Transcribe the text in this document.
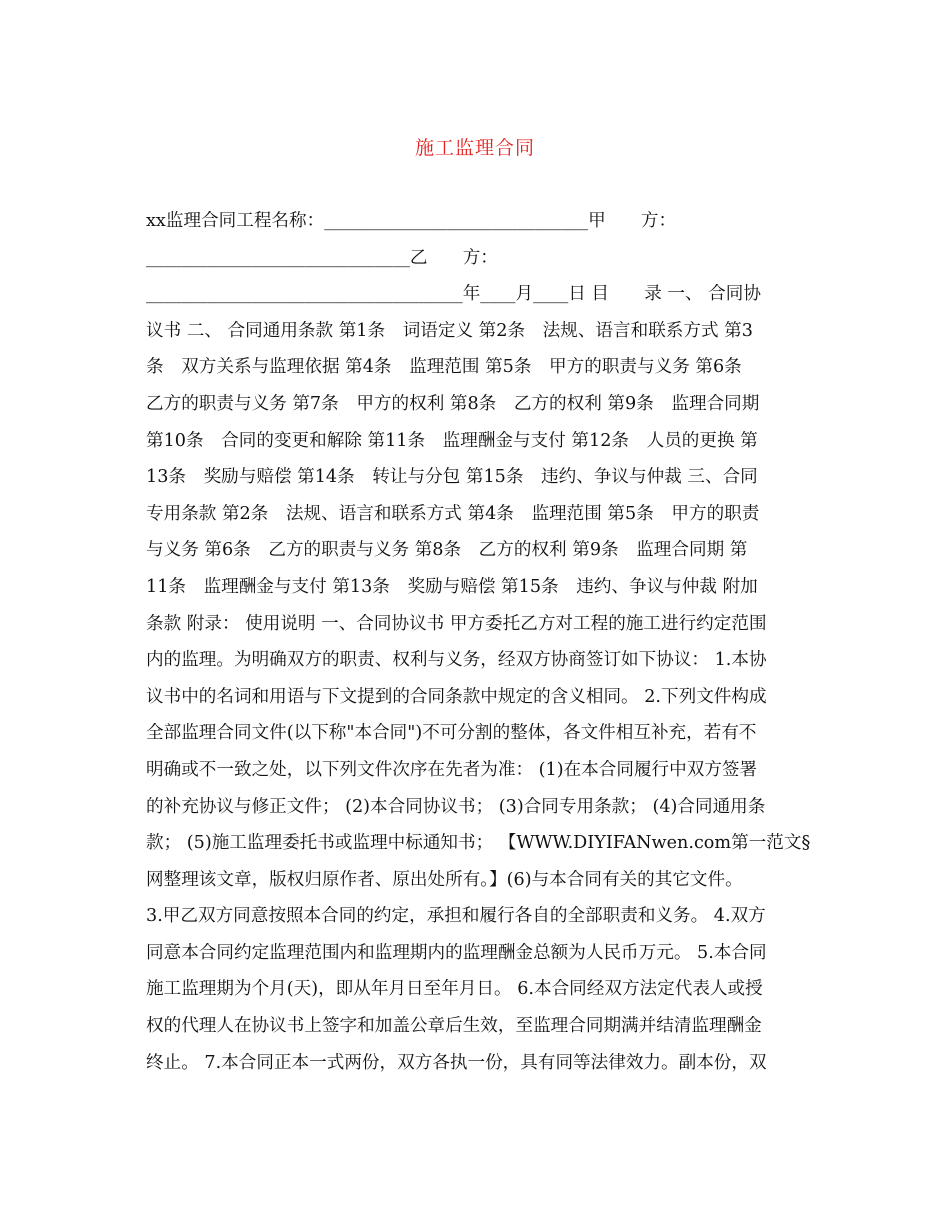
施工监理合同
xx监理合同工程名称：______________________________甲　　方：
______________________________乙　　方：
____________________________________年____月____日 目　　录 一、 合同协
议书 二、 合同通用条款 第1条　词语定义 第2条　法规、语言和联系方式 第3
条　双方关系与监理依据 第4条　监理范围 第5条　甲方的职责与义务 第6条
乙方的职责与义务 第7条　甲方的权利 第8条　乙方的权利 第9条　监理合同期
第10条　合同的变更和解除 第11条　监理酬金与支付 第12条　人员的更换 第
13条　奖励与赔偿 第14条　转让与分包 第15条　违约、争议与仲裁 三、合同
专用条款 第2条　法规、语言和联系方式 第4条　监理范围 第5条　甲方的职责
与义务 第6条　乙方的职责与义务 第8条　乙方的权利 第9条　监理合同期 第
11条　监理酬金与支付 第13条　奖励与赔偿 第15条　违约、争议与仲裁 附加
条款 附录： 使用说明 一、合同协议书 甲方委托乙方对工程的施工进行约定范围
内的监理。为明确双方的职责、权利与义务，经双方协商签订如下协议： 1.本协
议书中的名词和用语与下文提到的合同条款中规定的含义相同。 2.下列文件构成
全部监理合同文件(以下称"本合同")不可分割的整体，各文件相互补充，若有不
明确或不一致之处，以下列文件次序在先者为准： (1)在本合同履行中双方签署
的补充协议与修正文件； (2)本合同协议书； (3)合同专用条款； (4)合同通用条
款； (5)施工监理委托书或监理中标通知书； 【WWW.DIYIFANwen.com第一范文§
网整理该文章，版权归原作者、原出处所有。】(6)与本合同有关的其它文件。
3.甲乙双方同意按照本合同的约定，承担和履行各自的全部职责和义务。 4.双方
同意本合同约定监理范围内和监理期内的监理酬金总额为人民币万元。 5.本合同
施工监理期为个月(天)，即从年月日至年月日。 6.本合同经双方法定代表人或授
权的代理人在协议书上签字和加盖公章后生效，至监理合同期满并结清监理酬金
终止。 7.本合同正本一式两份，双方各执一份，具有同等法律效力。副本份，双
